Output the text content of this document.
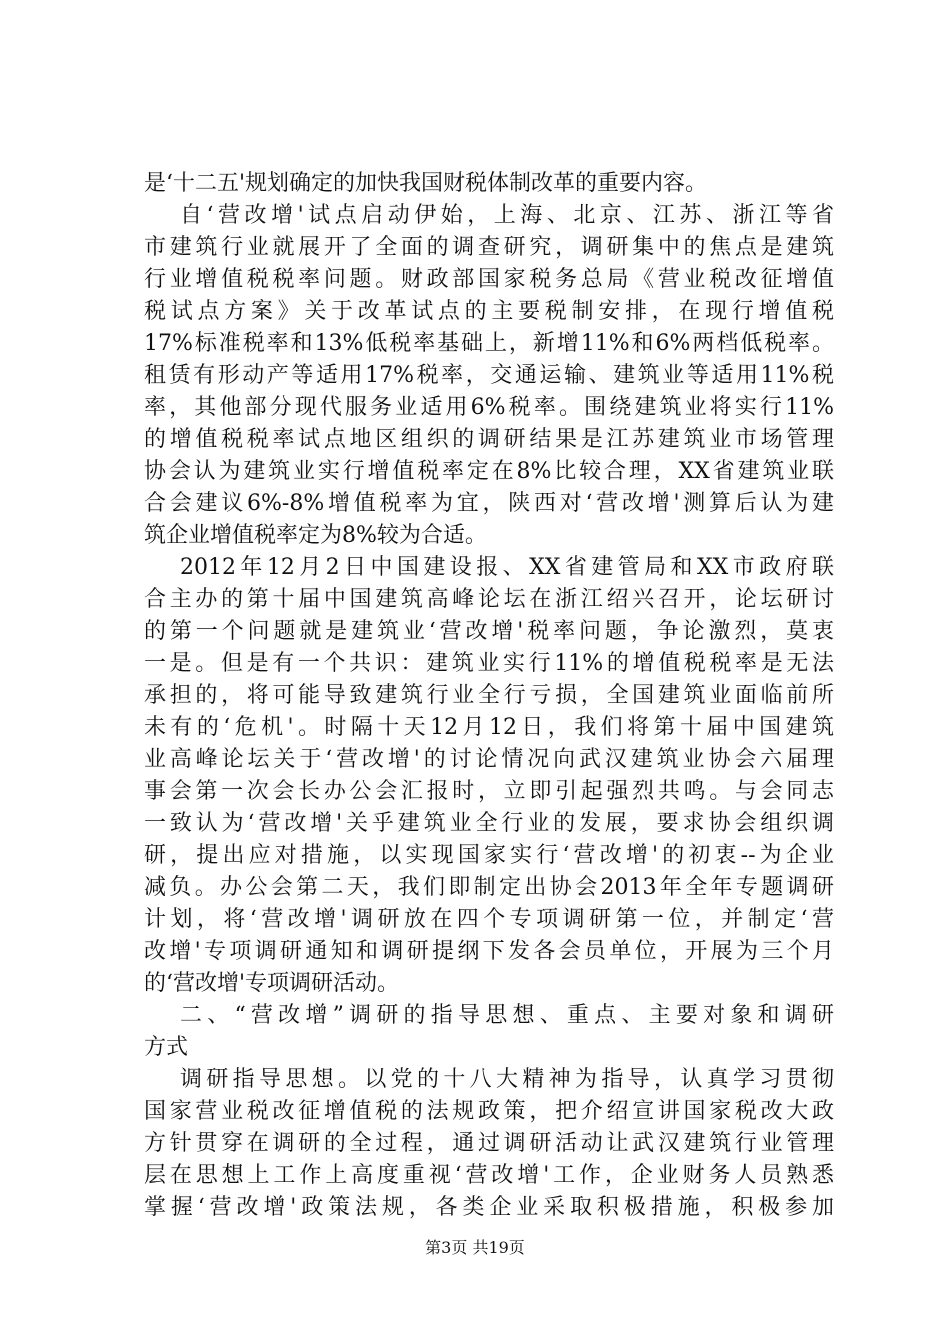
是‘十二五'规划确定的加快我国财税体制改革的重要内容。
自‘营改增'试点启动伊始，上海、北京、江苏、浙江等省
市建筑行业就展开了全面的调查研究，调研集中的焦点是建筑
行业增值税税率问题。财政部国家税务总局《营业税改征增值
税试点方案》关于改革试点的主要税制安排，在现行增值税
17%标准税率和13%低税率基础上，新增11%和6%两档低税率。
租赁有形动产等适用17%税率，交通运输、建筑业等适用11%税
率，其他部分现代服务业适用6%税率。围绕建筑业将实行11%
的增值税税率试点地区组织的调研结果是江苏建筑业市场管理
协会认为建筑业实行增值税率定在8%比较合理，XX省建筑业联
合会建议6%-8%增值税率为宜，陕西对‘营改增'测算后认为建
筑企业增值税率定为8%较为合适。
2012年12月2日中国建设报、XX省建管局和XX市政府联
合主办的第十届中国建筑高峰论坛在浙江绍兴召开，论坛研讨
的第一个问题就是建筑业‘营改增'税率问题，争论激烈，莫衷
一是。但是有一个共识：建筑业实行11%的增值税税率是无法
承担的，将可能导致建筑行业全行亏损，全国建筑业面临前所
未有的‘危机'。时隔十天12月12日，我们将第十届中国建筑
业高峰论坛关于‘营改增'的讨论情况向武汉建筑业协会六届理
事会第一次会长办公会汇报时，立即引起强烈共鸣。与会同志
一致认为‘营改增'关乎建筑业全行业的发展，要求协会组织调
研，提出应对措施，以实现国家实行‘营改增'的初衷--为企业
减负。办公会第二天，我们即制定出协会2013年全年专题调研
计划，将‘营改增'调研放在四个专项调研第一位，并制定‘营
改增'专项调研通知和调研提纲下发各会员单位，开展为三个月
的‘营改增'专项调研活动。
二、“营改增”调研的指导思想、重点、主要对象和调研
方式
调研指导思想。以党的十八大精神为指导，认真学习贯彻
国家营业税改征增值税的法规政策，把介绍宣讲国家税改大政
方针贯穿在调研的全过程，通过调研活动让武汉建筑行业管理
层在思想上工作上高度重视‘营改增'工作，企业财务人员熟悉
掌握‘营改增'政策法规，各类企业采取积极措施，积极参加
第3页 共19页
